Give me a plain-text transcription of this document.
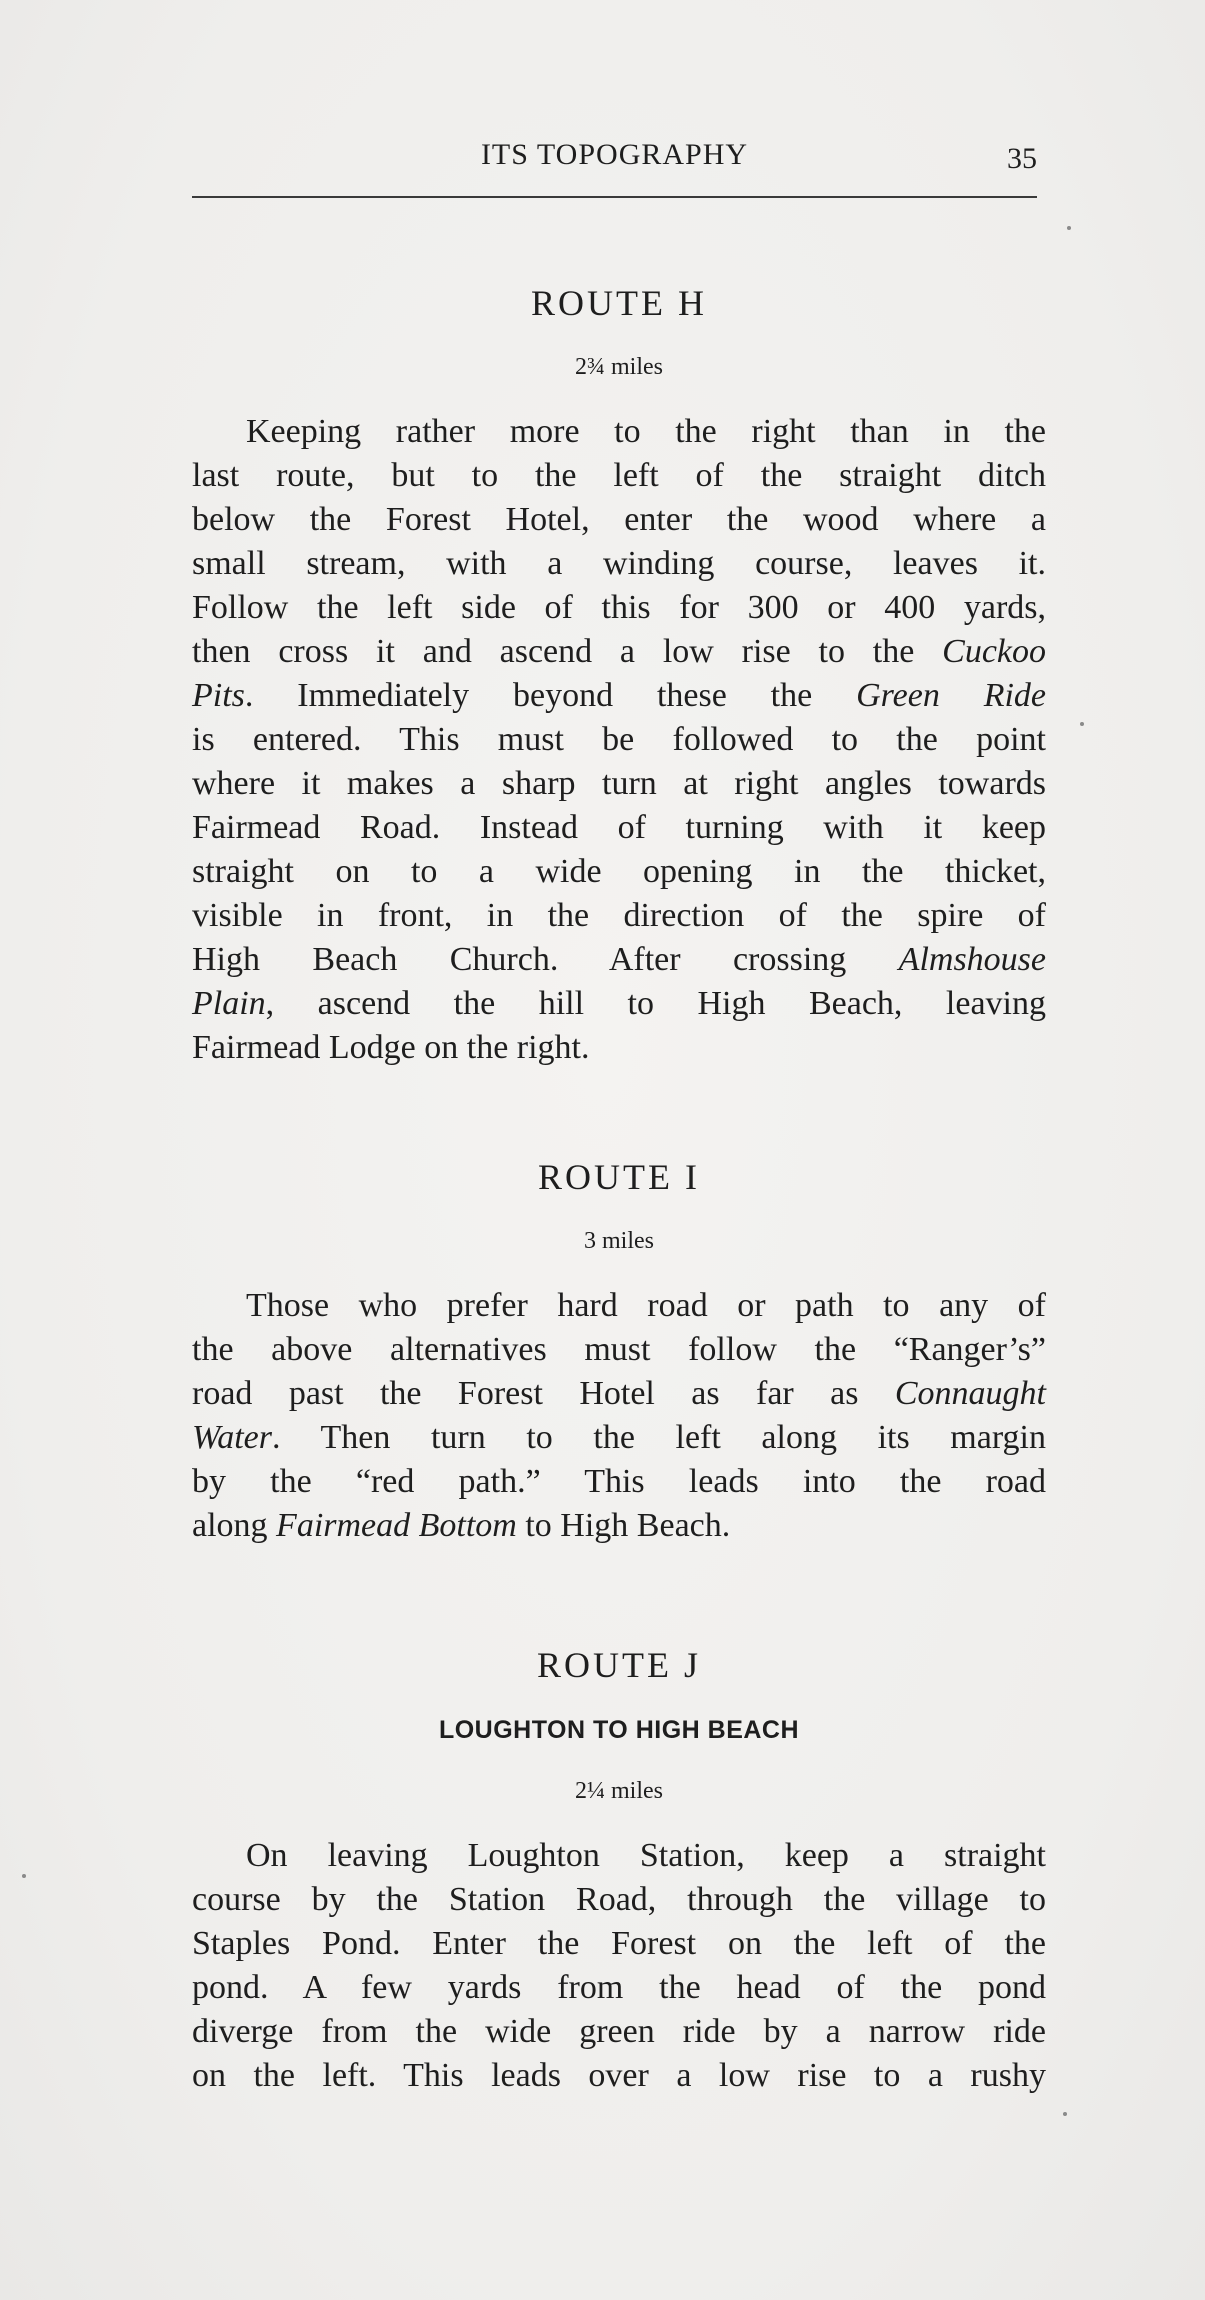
ITS TOPOGRAPHY	35
ROUTE H
2¾ miles
Keeping rather more to the right than in the
last route, but to the left of the straight ditch
below the Forest Hotel, enter the wood where a
small stream, with a winding course, leaves it.
Follow the left side of this for 300 or 400 yards,
then cross it and ascend a low rise to the Cuckoo
Pits. Immediately beyond these the Green Ride
is entered. This must be followed to the point
where it makes a sharp turn at right angles towards
Fairmead Road. Instead of turning with it keep
straight on to a wide opening in the thicket,
visible in front, in the direction of the spire of
High Beach Church. After crossing Almshouse
Plain, ascend the hill to High Beach, leaving
Fairmead Lodge on the right.
ROUTE I
3 miles
Those who prefer hard road or path to any of
the above alternatives must follow the “Ranger’s”
road past the Forest Hotel as far as Connaught
Water. Then turn to the left along its margin
by the “red path.” This leads into the road
along Fairmead Bottom to High Beach.
ROUTE J
LOUGHTON TO HIGH BEACH
2¼ miles
On leaving Loughton Station, keep a straight
course by the Station Road, through the village to
Staples Pond. Enter the Forest on the left of the
pond. A few yards from the head of the pond
diverge from the wide green ride by a narrow ride
on the left. This leads over a low rise to a rushy
